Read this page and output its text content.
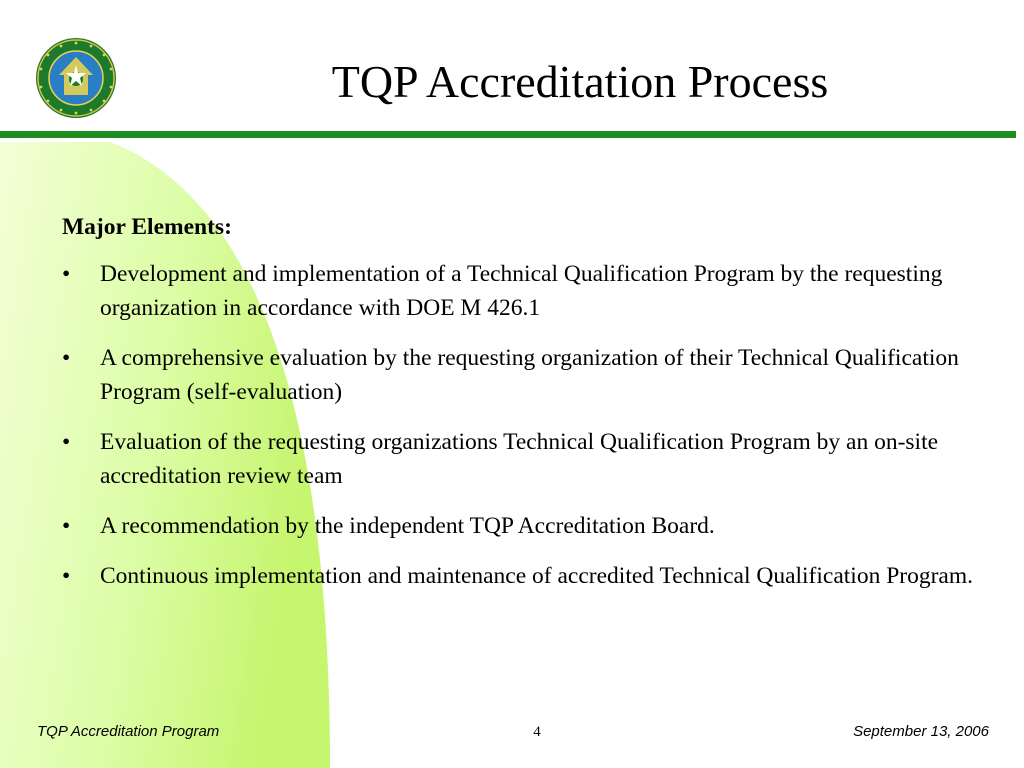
TQP Accreditation Process

Major Elements:

• Development and implementation of a Technical Qualification Program by the requesting organization in accordance with DOE M 426.1
• A comprehensive evaluation by the requesting organization of their Technical Qualification Program (self-evaluation)
• Evaluation of the requesting organizations Technical Qualification Program by an on-site accreditation review team
• A recommendation by the independent TQP Accreditation Board.
• Continuous implementation and maintenance of accredited Technical Qualification Program.
TQP Accreditation Program	4	September 13, 2006
